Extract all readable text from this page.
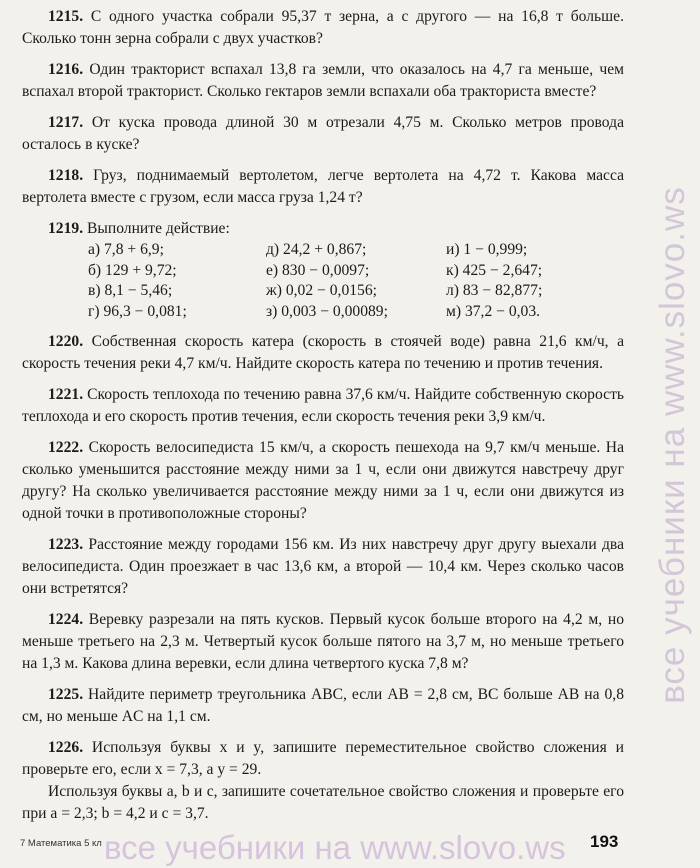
1215. С одного участка собрали 95,37 т зерна, а с другого — на 16,8 т больше. Сколько тонн зерна собрали с двух участков?

1216. Один тракторист вспахал 13,8 га земли, что оказалось на 4,7 га меньше, чем вспахал второй тракторист. Сколько гектаров земли вспахали оба тракториста вместе?

1217. От куска провода длиной 30 м отрезали 4,75 м. Сколько метров провода осталось в куске?

1218. Груз, поднимаемый вертолетом, легче вертолета на 4,72 т. Какова масса вертолета вместе с грузом, если масса груза 1,24 т?

1219. Выполните действие:

а) 7,8 + 6,9;	д) 24,2 + 0,867;	и) 1 − 0,999;
б) 129 + 9,72;	е) 830 − 0,0097;	к) 425 − 2,647;
в) 8,1 − 5,46;	ж) 0,02 − 0,0156;	л) 83 − 82,877;
г) 96,3 − 0,081;	з) 0,003 − 0,00089;	м) 37,2 − 0,03.

1220. Собственная скорость катера (скорость в стоячей воде) равна 21,6 км/ч, а скорость течения реки 4,7 км/ч. Найдите скорость катера по течению и против течения.

1221. Скорость теплохода по течению равна 37,6 км/ч. Найдите собственную скорость теплохода и его скорость против течения, если скорость течения реки 3,9 км/ч.

1222. Скорость велосипедиста 15 км/ч, а скорость пешехода на 9,7 км/ч меньше. На сколько уменьшится расстояние между ними за 1 ч, если они движутся навстречу друг другу? На сколько увеличивается расстояние между ними за 1 ч, если они движутся из одной точки в противоположные стороны?

1223. Расстояние между городами 156 км. Из них навстречу друг другу выехали два велосипедиста. Один проезжает в час 13,6 км, а второй — 10,4 км. Через сколько часов они встретятся?

1224. Веревку разрезали на пять кусков. Первый кусок больше второго на 4,2 м, но меньше третьего на 2,3 м. Четвертый кусок больше пятого на 3,7 м, но меньше третьего на 1,3 м. Какова длина веревки, если длина четвертого куска 7,8 м?

1225. Найдите периметр треугольника ABC, если AB = 2,8 см, BC больше AB на 0,8 см, но меньше AC на 1,1 см.

1226. Используя буквы x и y, запишите переместительное свойство сложения и проверьте его, если x = 7,3, а y = 29.

Используя буквы a, b и c, запишите сочетательное свойство сложения и проверьте его при a = 2,3; b = 4,2 и c = 3,7.

все учебники на www.slovo.ws
7 Математика 5 кл все учебники на www.slovo.ws 193
